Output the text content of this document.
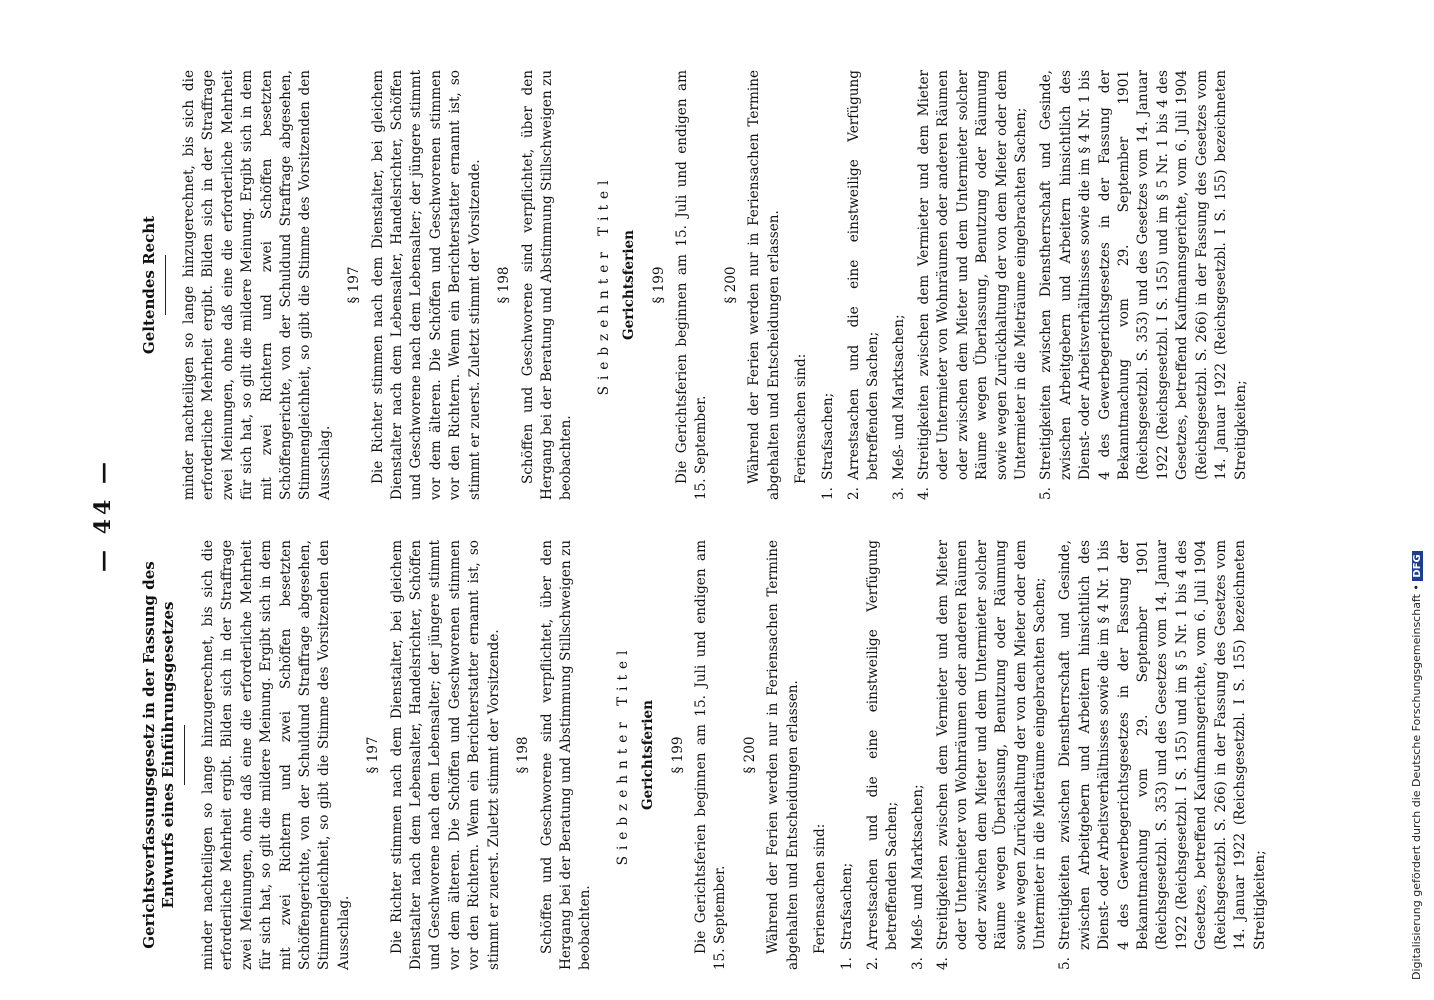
— 44 —
Gerichtsverfassungsgesetz in der Fassung des Entwurfs eines Einführungsgesetzes minder nachteiligen so lange hinzugerechnet, bis sich die erforderliche Mehrheit ergibt. Bilden sich in der Straffrage zwei Meinungen, ohne daß eine die erforderliche Mehrheit für sich hat, so gilt die mildere Meinung. Ergibt sich in dem mit zwei Richtern und zwei Schöffen besetzten Schöffengerichte, von der Schuldund Straffrage abgesehen, Stimmengleichheit, so gibt die Stimme des Vorsitzenden den Ausschlag.

§ 197 Die Richter stimmen nach dem Dienstalter, bei gleichem Dienstalter nach dem Lebensalter, Handelsrichter, Schöffen und Geschworene nach dem Lebensalter; der jüngere stimmt vor dem älteren. Die Schöffen und Geschworenen stimmen vor den Richtern. Wenn ein Berichterstatter ernannt ist, so stimmt er zuerst. Zuletzt stimmt der Vorsitzende. § 198 Schöffen und Geschworene sind verpflichtet, über den Hergang bei der Beratung und Abstimmung Stillschweigen zu beobachten.

Siebzehnter Titel Gerichtsferien § 199 Die Gerichtsferien beginnen am 15. Juli und endigen am 15. September.

§ 200 Während der Ferien werden nur in Feriensachen Termine abgehalten und Entscheidungen erlassen. Feriensachen sind:

1.
Strafsachen;
2.
Arrestsachen und die eine einstweilige Verfügung betreffenden Sachen;
3.
Meß- und Marktsachen;
4.
Streitigkeiten zwischen dem Vermieter und dem Mieter oder Untermieter von Wohnräumen oder anderen Räumen oder zwischen dem Mieter und dem Untermieter solcher Räume wegen Überlassung, Benutzung oder Räumung sowie wegen Zurückhaltung der von dem Mieter oder dem Untermieter in die Mieträume eingebrachten Sachen;
5.
Streitigkeiten zwischen Dienstherrschaft und Gesinde, zwischen Arbeitgebern und Arbeitern hinsichtlich des Dienst- oder Arbeitsverhältnisses sowie die im § 4 Nr. 1 bis 4 des Gewerbegerichtsgesetzes in der Fassung der Bekanntmachung vom 29. September 1901 (Reichsgesetzbl. S. 353) und des Gesetzes vom 14. Januar 1922 (Reichsgesetzbl. I S. 155) und im § 5 Nr. 1 bis 4 des Gesetzes, betreffend Kaufmannsgerichte, vom 6. Juli 1904 (Reichsgesetzbl. S. 266) in der Fassung des Gesetzes vom 14. Januar 1922 (Reichsgesetzbl. I S. 155) bezeichneten Streitigkeiten;
Geltendes Recht minder nachteiligen so lange hinzugerechnet, bis sich die erforderliche Mehrheit ergibt. Bilden sich in der Straffrage zwei Meinungen, ohne daß eine die erforderliche Mehrheit für sich hat, so gilt die mildere Meinung. Ergibt sich in dem mit zwei Richtern und zwei Schöffen besetzten Schöffengerichte, von der Schuldund Straffrage abgesehen, Stimmengleichheit, so gibt die Stimme des Vorsitzenden den Ausschlag.

§ 197 Die Richter stimmen nach dem Dienstalter, bei gleichem Dienstalter nach dem Lebensalter, Handelsrichter, Schöffen und Geschworene nach dem Lebensalter; der jüngere stimmt vor dem älteren. Die Schöffen und Geschworenen stimmen vor den Richtern. Wenn ein Berichterstatter ernannt ist, so stimmt er zuerst. Zuletzt stimmt der Vorsitzende. § 198 Schöffen und Geschworene sind verpflichtet, über den Hergang bei der Beratung und Abstimmung Stillschweigen zu beobachten.

Siebzehnter Titel Gerichtsferien § 199 Die Gerichtsferien beginnen am 15. Juli und endigen am 15. September.

§ 200 Während der Ferien werden nur in Feriensachen Termine abgehalten und Entscheidungen erlassen. Feriensachen sind:

1.
Strafsachen;
2.
Arrestsachen und die eine einstweilige Verfügung betreffenden Sachen;
3.
Meß- und Marktsachen;
4.
Streitigkeiten zwischen dem Vermieter und dem Mieter oder Untermieter von Wohnräumen oder anderen Räumen oder zwischen dem Mieter und dem Untermieter solcher Räume wegen Überlassung, Benutzung oder Räumung sowie wegen Zurückhaltung der von dem Mieter oder dem Untermieter in die Mieträume eingebrachten Sachen;
5.
Streitigkeiten zwischen Dienstherrschaft und Gesinde, zwischen Arbeitgebern und Arbeitern hinsichtlich des Dienst- oder Arbeitsverhältnisses sowie die im § 4 Nr. 1 bis 4 des Gewerbegerichtsgesetzes in der Fassung der Bekanntmachung vom 29. September 1901 (Reichsgesetzbl. S. 353) und des Gesetzes vom 14. Januar 1922 (Reichsgesetzbl. I S. 155) und im § 5 Nr. 1 bis 4 des Gesetzes, betreffend Kaufmannsgerichte, vom 6. Juli 1904 (Reichsgesetzbl. S. 266) in der Fassung des Gesetzes vom 14. Januar 1922 (Reichsgesetzbl. I S. 155) bezeichneten Streitigkeiten;
Digitalisierung gefördert durch die Deutsche Forschungsgemeinschaft • DFG
